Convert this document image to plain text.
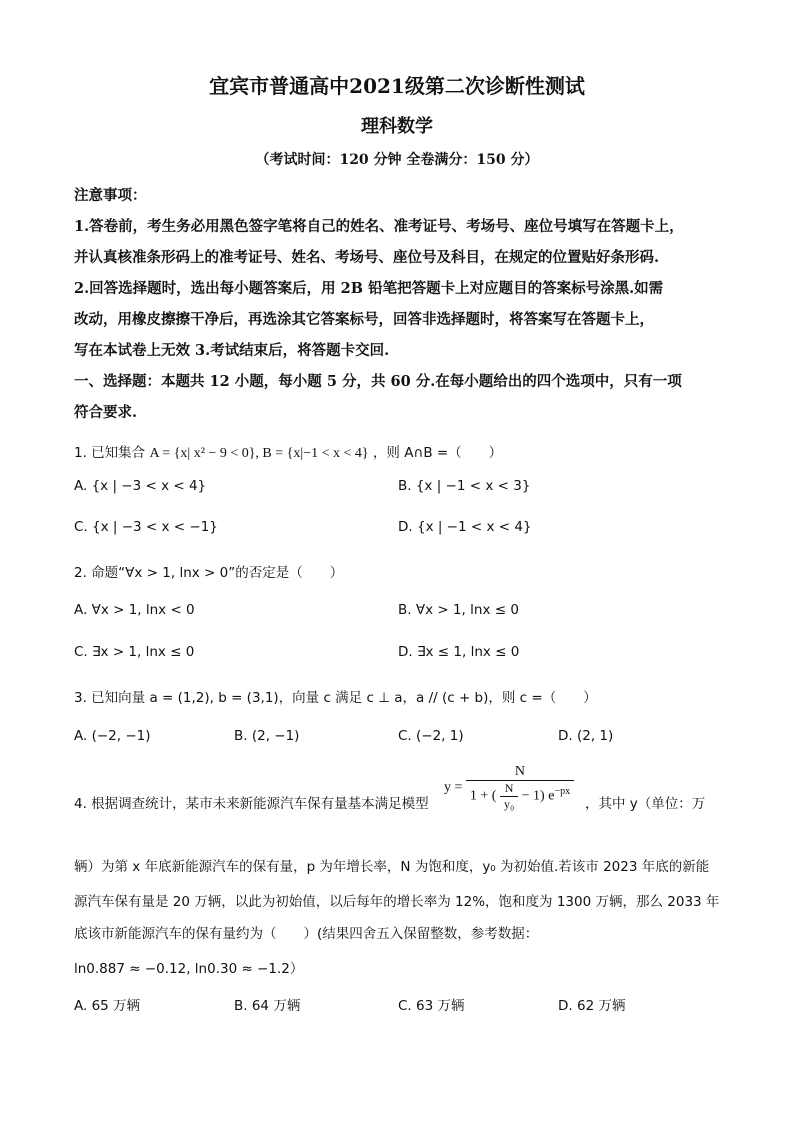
宜宾市普通高中2021级第二次诊断性测试
理科数学
（考试时间：120 分钟 全卷满分：150 分）
注意事项：
1.答卷前，考生务必用黑色签字笔将自己的姓名、准考证号、考场号、座位号填写在答题卡上，
并认真核准条形码上的准考证号、姓名、考场号、座位号及科目，在规定的位置贴好条形码.
2.回答选择题时，选出每小题答案后，用 2B 铅笔把答题卡上对应题目的答案标号涂黑.如需
改动，用橡皮擦擦干净后，再选涂其它答案标号，回答非选择题时，将答案写在答题卡上，
写在本试卷上无效 3.考试结束后，将答题卡交回.
一、选择题：本题共 12 小题，每小题 5 分，共 60 分.在每小题给出的四个选项中，只有一项
符合要求.
1. 已知集合 A = {x| x² − 9 < 0}, B = {x|−1 < x < 4} ，则 A∩B =（　　）
A. {x | −3 < x < 4}	B. {x | −1 < x < 3}
C. {x | −3 < x < −1}	D. {x | −1 < x < 4}
2. 命题“∀x > 1, lnx > 0”的否定是（　　）
A. ∀x > 1, lnx < 0	B. ∀x > 1, lnx ≤ 0
C. ∃x > 1, lnx ≤ 0	D. ∃x ≤ 1, lnx ≤ 0
3. 已知向量 a = (1,2), b = (3,1)，向量 c 满足 c ⊥ a，a // (c + b)，则 c =（　　）
A. (−2, −1)	B. (2, −1)	C. (−2, 1)	D. (2, 1)
4. 根据调查统计，某市未来新能源汽车保有量基本满足模型
$y = \frac{N}{1 + ( \frac{N}{\text{y₀}} - 1) e^{-px}}$ ，其中 y（单位：万
辆）为第 x 年底新能源汽车的保有量，p 为年增长率，N 为饱和度，y₀ 为初始值.若该市 2023 年底的新能
源汽车保有量是 20 万辆，以此为初始值，以后每年的增长率为 12%，饱和度为 1300 万辆，那么 2033 年
底该市新能源汽车的保有量约为（　　）(结果四舍五入保留整数，参考数据：
ln0.887 ≈ −0.12, ln0.30 ≈ −1.2）
A. 65 万辆	B. 64 万辆	C. 63 万辆	D. 62 万辆
